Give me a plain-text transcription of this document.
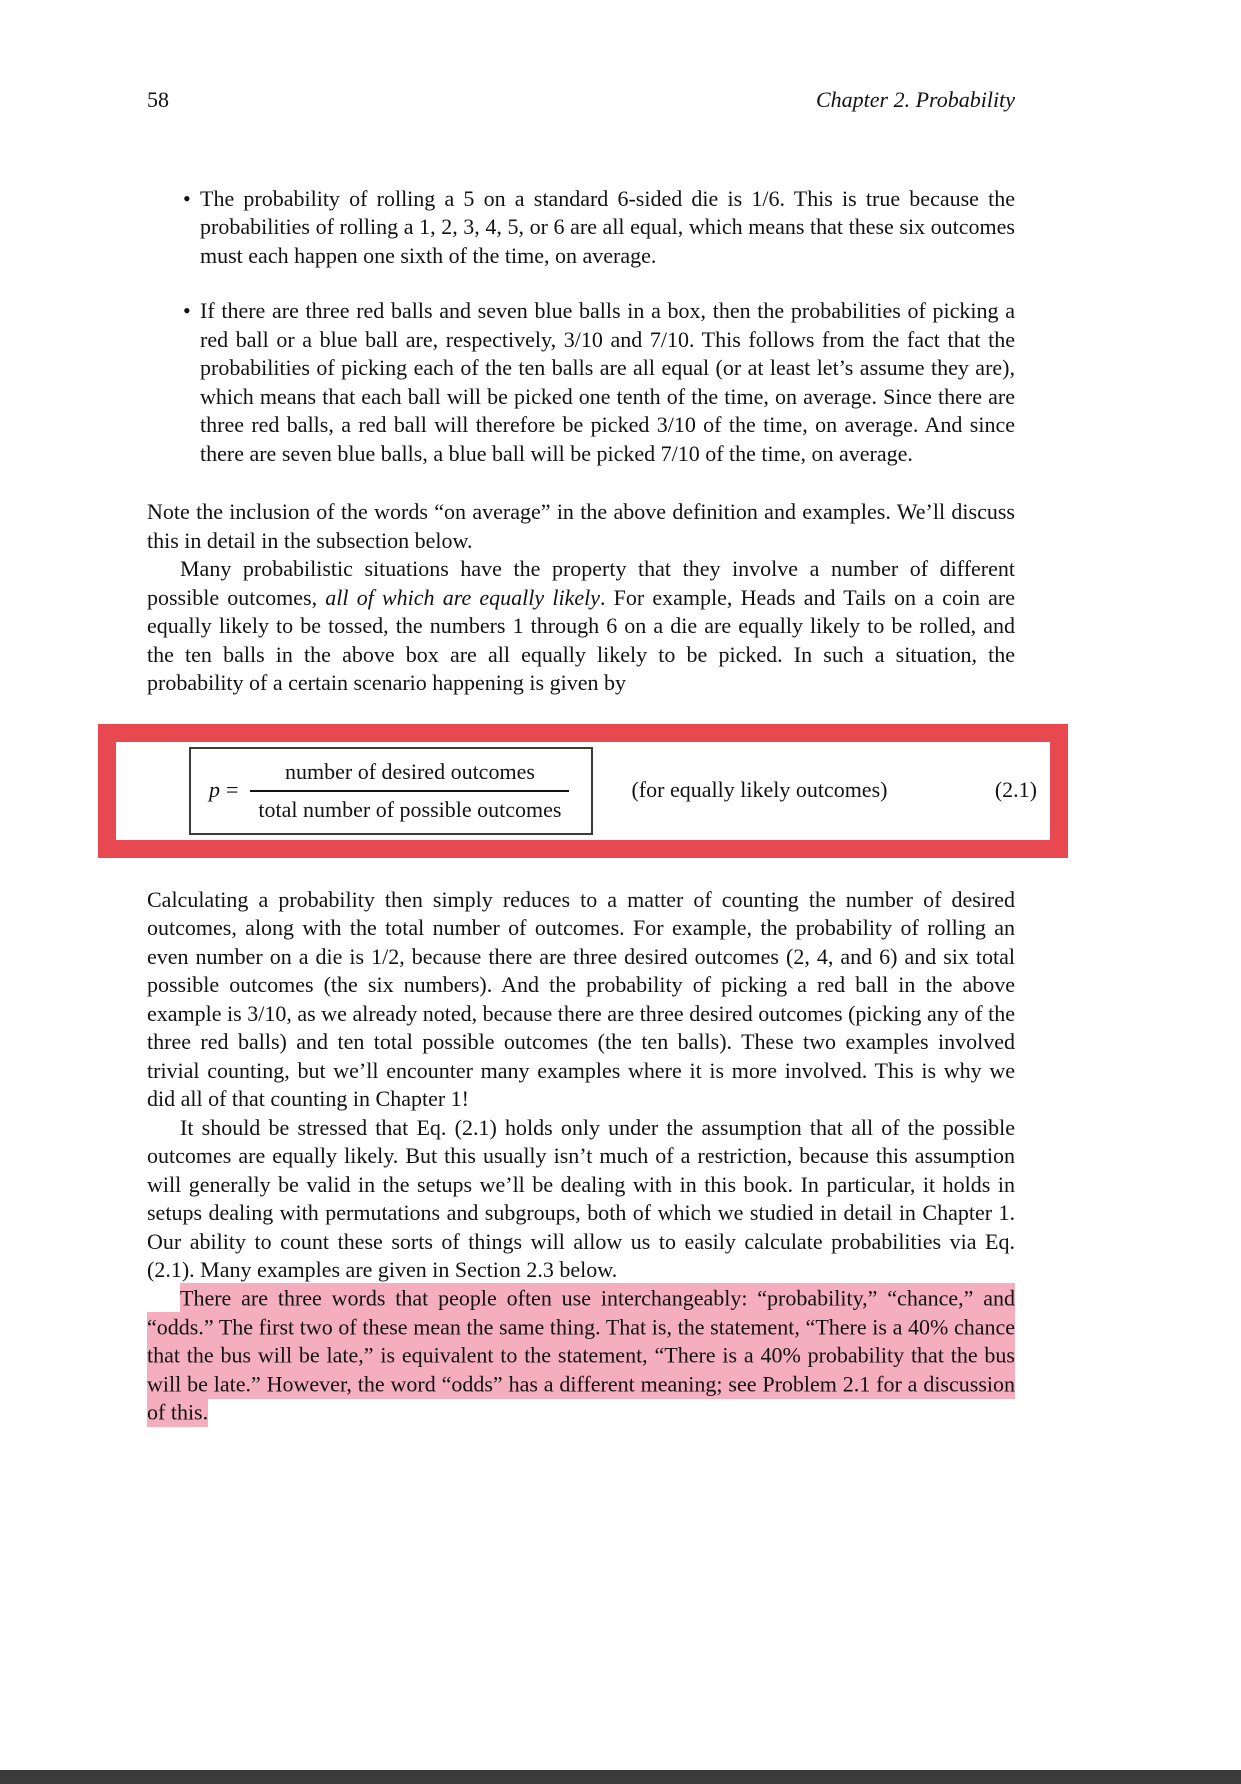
58	Chapter 2. Probability
• The probability of rolling a 5 on a standard 6-sided die is 1/6. This is true because the probabilities of rolling a 1, 2, 3, 4, 5, or 6 are all equal, which means that these six outcomes must each happen one sixth of the time, on average.
• If there are three red balls and seven blue balls in a box, then the probabilities of picking a red ball or a blue ball are, respectively, 3/10 and 7/10. This follows from the fact that the probabilities of picking each of the ten balls are all equal (or at least let’s assume they are), which means that each ball will be picked one tenth of the time, on average. Since there are three red balls, a red ball will therefore be picked 3/10 of the time, on average. And since there are seven blue balls, a blue ball will be picked 7/10 of the time, on average.

Note the inclusion of the words “on average” in the above definition and examples. We’ll discuss this in detail in the subsection below.

Many probabilistic situations have the property that they involve a number of different possible outcomes, all of which are equally likely. For example, Heads and Tails on a coin are equally likely to be tossed, the numbers 1 through 6 on a die are equally likely to be rolled, and the ten balls in the above box are all equally likely to be picked. In such a situation, the probability of a certain scenario happening is given by

$p = \frac{\text{number of desired outcomes}}{\text{total number of possible outcomes}}$	(for equally likely outcomes)	(2.1)

Calculating a probability then simply reduces to a matter of counting the number of desired outcomes, along with the total number of outcomes. For example, the probability of rolling an even number on a die is 1/2, because there are three desired outcomes (2, 4, and 6) and six total possible outcomes (the six numbers). And the probability of picking a red ball in the above example is 3/10, as we already noted, because there are three desired outcomes (picking any of the three red balls) and ten total possible outcomes (the ten balls). These two examples involved trivial counting, but we’ll encounter many examples where it is more involved. This is why we did all of that counting in Chapter 1!

It should be stressed that Eq. (2.1) holds only under the assumption that all of the possible outcomes are equally likely. But this usually isn’t much of a restriction, because this assumption will generally be valid in the setups we’ll be dealing with in this book. In particular, it holds in setups dealing with permutations and subgroups, both of which we studied in detail in Chapter 1. Our ability to count these sorts of things will allow us to easily calculate probabilities via Eq. (2.1). Many examples are given in Section 2.3 below.

There are three words that people often use interchangeably: “probability,” “chance,” and “odds.” The first two of these mean the same thing. That is, the statement, “There is a 40% chance that the bus will be late,” is equivalent to the statement, “There is a 40% probability that the bus will be late.” However, the word “odds” has a different meaning; see Problem 2.1 for a discussion of this.
